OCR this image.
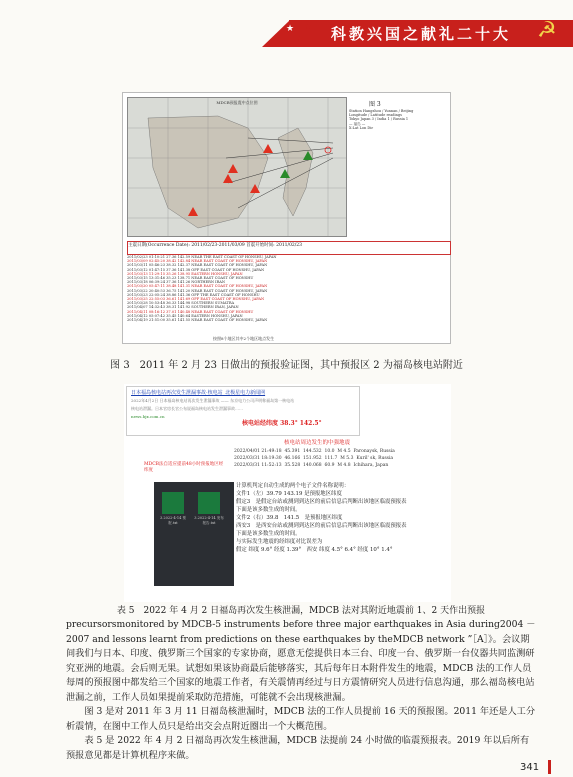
科教兴国之献礼二十大 ☭
★
★
★
MDCB预报震中点位图	图 3
Station Hangzhou / Yunnan / Beijing
Longitude / Latitude readings
Tokyo Japan 3 / India 1 / Russia 1
— 福岛 —
X:Lat Lon Dir
主震日期(Occurrence Date): 2011/02/23-2011/03/09 首震开始时间: 2011/02/23
2011/02/23 01:10:21 27.36 142.59 NEAR THE EAST COAST OF HONSHU, JAPAN
2011/03/09 02:45:20 38.42 142.84 NEAR EAST COAST OF HONSHU, JAPAN
2011/03/11 05:46:23 38.32 142.37 NEAR EAST COAST OF HONSHU, JAPAN
2011/03/12 01:47:15 37.36 141.38 OFF EAST COAST OF HONSHU, JAPAN
2011/03/13 11:29:15 35.26 138.95 EASTERN HONSHU, JAPAN
2011/03/15 13:31:46 35.23 138.71 NEAR EAST COAST OF HONSHU
2011/03/18 06:39:24 37.36 141.26 NORTHERN IRAN
2011/03/20 05:47:11 38.48 141.31 NEAR EAST COAST OF HONSHU, JAPAN
2011/03/22 20:40:53 36.75 141.20 NEAR EAST COAST OF HONSHU, JAPAN
2011/03/23 22:05:24 38.86 141.36 OFF THE EAST COAST OF HONSHU
2011/03/25 22:55:03 36.61 141.69 OFF EAST COAST OF HONSHU, JAPAN
2011/03/28 10:53:48 36.33 144.98 SOUTHERN SUMATRA
2011/04/07 14:32:43 38.31 141.92 SOUTHERN IRAN, JAPAN
2011/04/11 08:16:12 37.01 140.48 NEAR EAST COAST OF HONSHU
2011/04/12 05:07:42 35.45 140.64 EASTERN HONSHU, JAPAN
2011/04/19 21:51:00 35.61 141.55 NEAR EAST COAST OF HONSHU, JAPAN
按照8个地区其中2个地区地点发生
图 3　2011 年 2 月 23 日做出的预报验证图，其中预报区 2 为福岛核电站附近
日本福岛核电站再次发生泄漏事故·核电站_北极星电力新闻网
2022年4月2日 日本福岛核电站再次发生泄漏事故 —— 东京电力公司声明称福岛第一核电站
核电站泄漏。日本官房长官公布说福岛核电站发生泄漏事故……
news.bjx.com.cn
核电站经纬度 38.3° 142.5°
核电站周边发生的中强地震
2022/04/01 21:49:18  45.391  144.532  10.0  M 4.5  Paronaysk, Russia
2022/03/31 18:19:30  46.166  151.952  111.7  M 5.3  Kuril' sk, Russia
2022/03/31 11:52:13  35.528  140.068  60.9  M 4.8  Ichihara, Japan
MDCB法自适应提前48小时预报地区经纬度
3.2022-4-14 预报.txt
3.2022-4-14 发布报告.txt
计算机判定自动生成的两个电子文件名称说明：
文件1（左）39.79 143.19 是预报地区纬度
假定3　是假定台站或测到到达区的前后信息后判断出该地区临震预报表
下面是该多数生成的时间。
文件2（右）39.8　141.5　是预报地区纬度
西安3　是西安台站或测到到达区的前后信息后判断出该地区临震预报表
下面是该多数生成的时间。
与实际发生地震的经纬度对比误差为
假定 纬度 9.6° 经度 1.39°　西安 纬度 4.5° 6.4° 经度 10° 1.4°
表 5　2022 年 4 月 2 日福岛再次发生核泄漏，MDCB 法对其附近地震前 1、2 天作出预报

precursorsmonitored by MDCB-5 instruments before three major earthquakes in Asia during2004 － 2007 and lessons learnt from predictions on these earthquakes by theMDCB network ”［A］》。会议期间我们与日本、印度、俄罗斯三个国家的专家协商，愿意无偿提供日本三台、印度一台、俄罗斯一台仪器共同监测研究亚洲的地震。会后则无果。试想如果该协商最后能够落实，其后每年日本附件发生的地震，MDCB 法的工作人员每周的预报图中都发给三个国家的地震工作者，有关震情再经过与日方震情研究人员进行信息沟通，那么福岛核电站泄漏之前，工作人员如果提前采取防范措施，可能就不会出现核泄漏。

图 3 是对 2011 年 3 月 11 日福岛核泄漏时，MDCB 法的工作人员提前 16 天的预报图。2011 年还是人工分析震情，在图中工作人员只是给出交会点附近圈出一个大概范围。

表 5 是 2022 年 4 月 2 日福岛再次发生核泄漏，MDCB 法提前 24 小时做的临震预报表。2019 年以后所有预报意见都是计算机程序来做。

341
